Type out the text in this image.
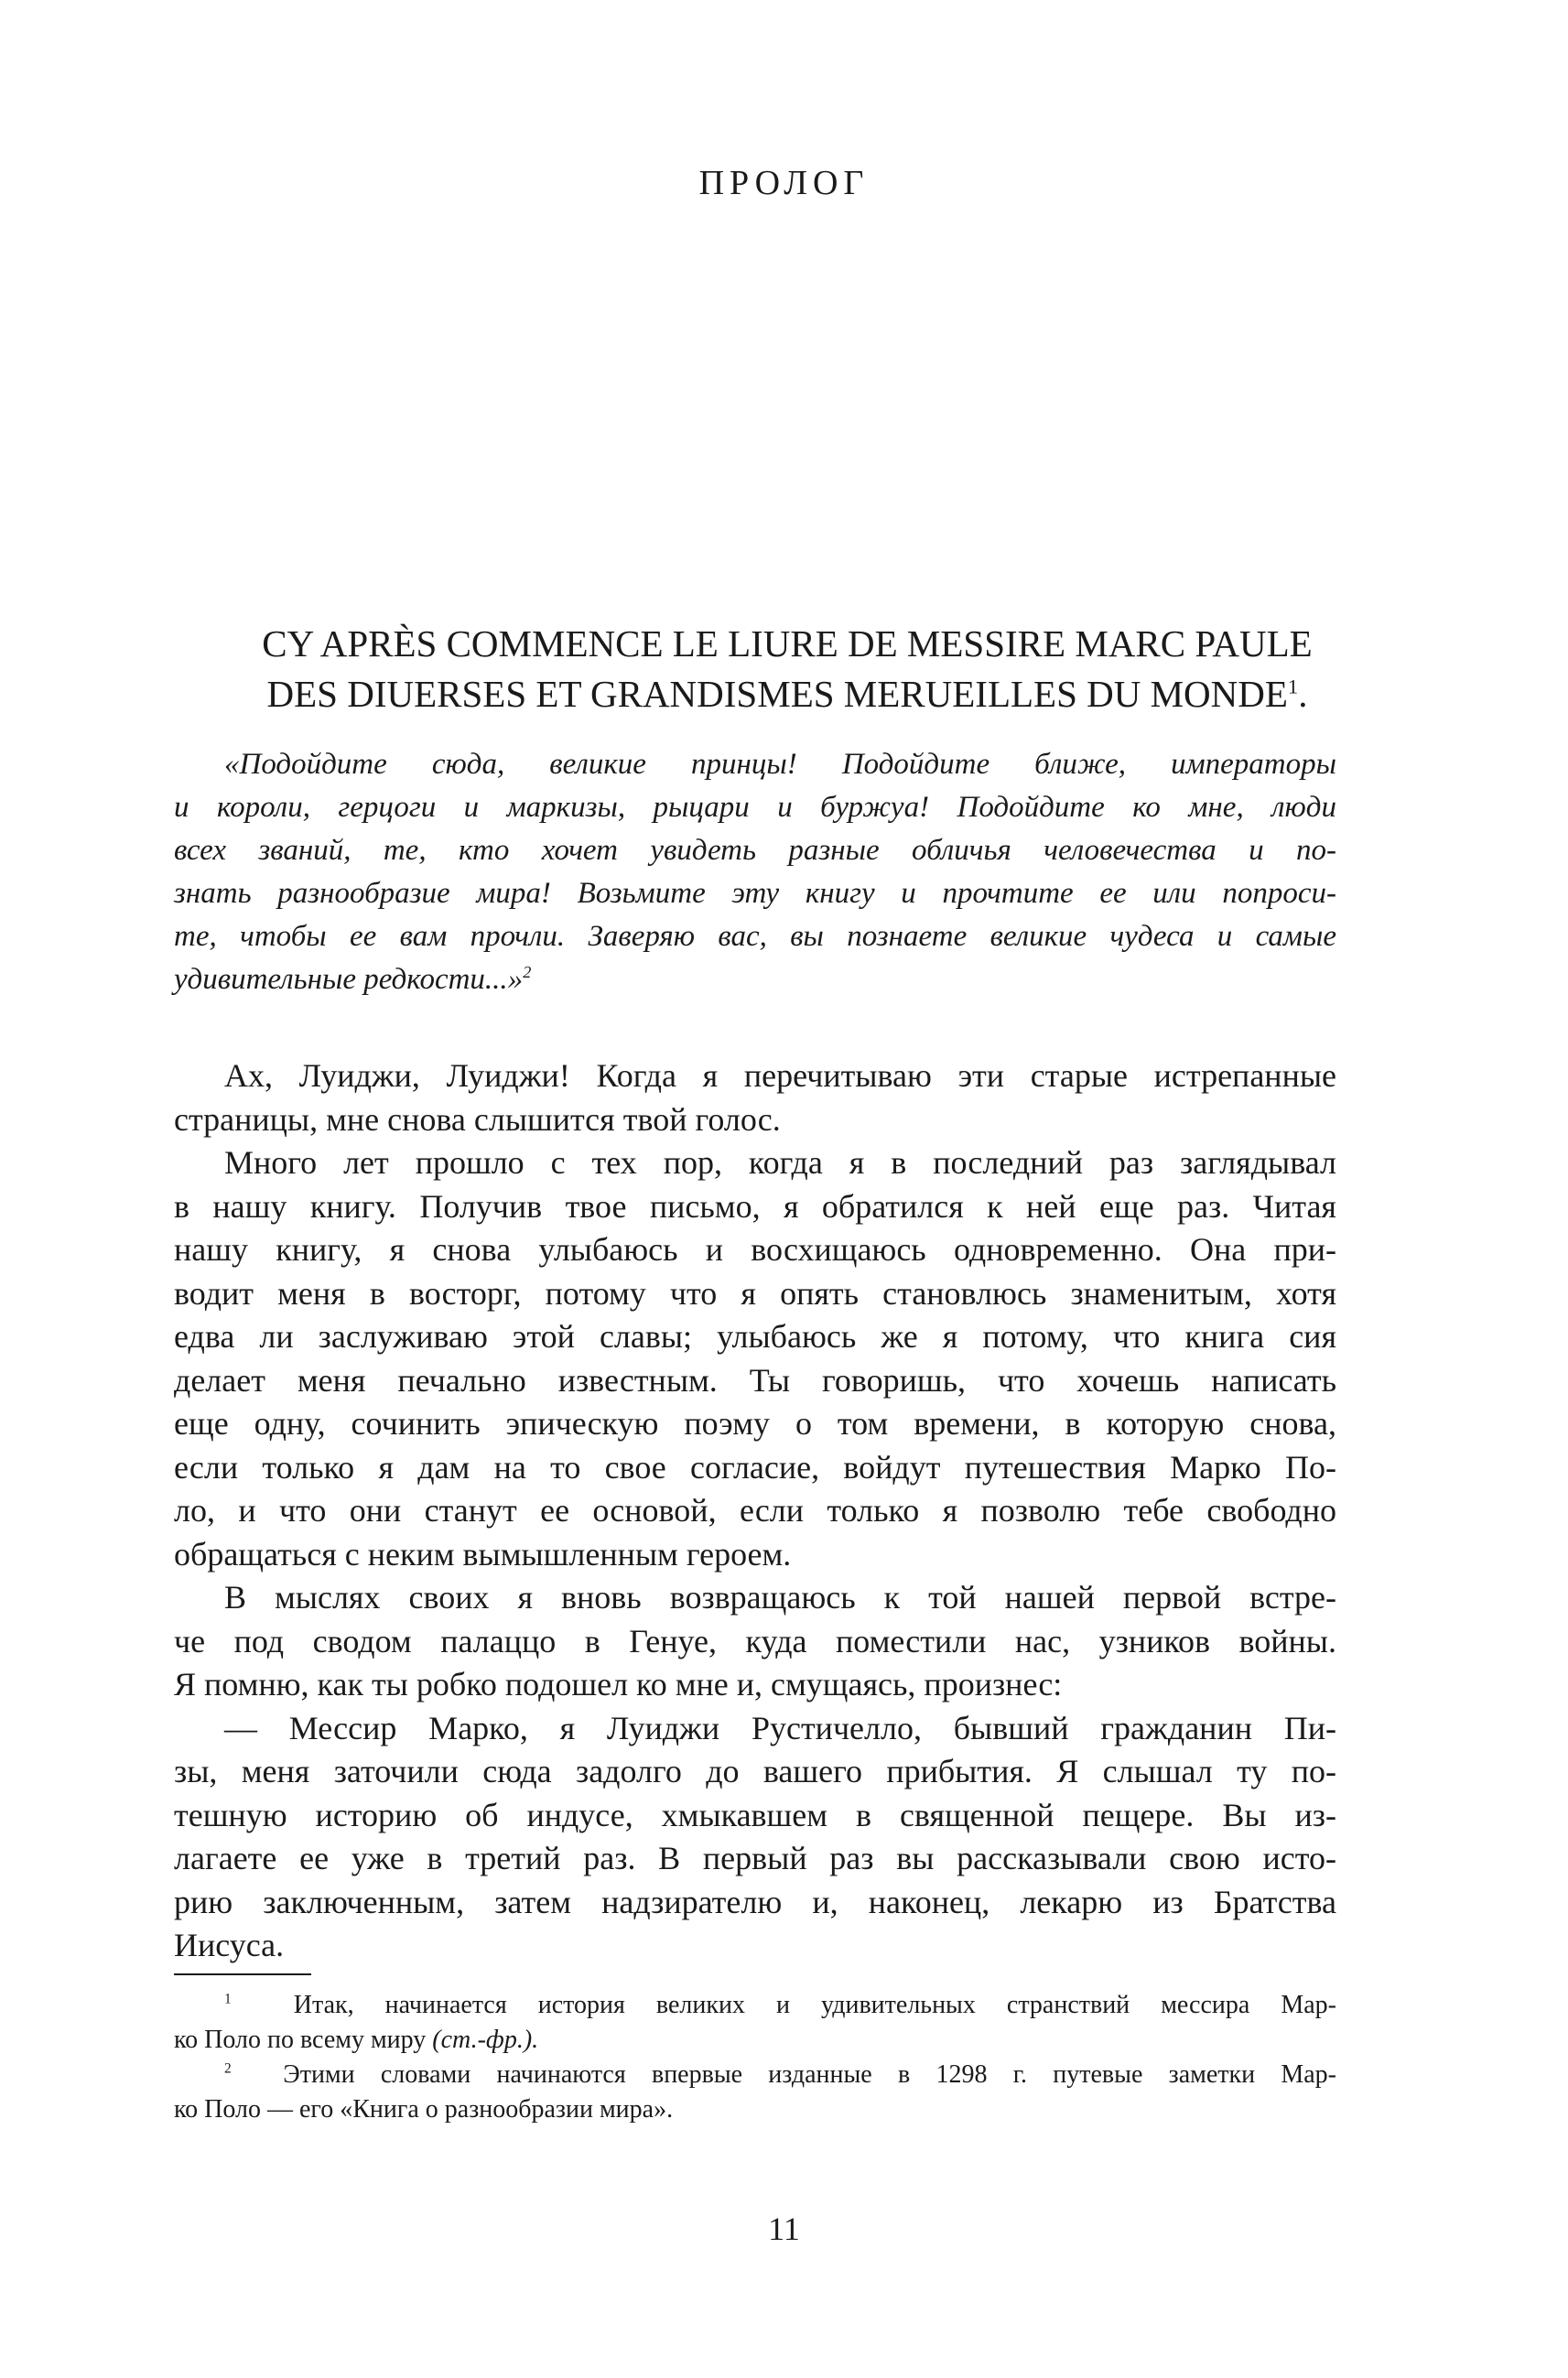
ПРОЛОГ
CY APRÈS COMMENCE LE LIURE DE MESSIRE MARC PAULE
DES DIUERSES ET GRANDISMES MERUEILLES DU MONDE$^1$.
«Подойдите сюда, великие принцы! Подойдите ближе, императоры
и короли, герцоги и маркизы, рыцари и буржуа! Подойдите ко мне, люди
всех званий, те, кто хочет увидеть разные обличья человечества и по-
знать разнообразие мира! Возьмите эту книгу и прочтите ее или попроси-
те, чтобы ее вам прочли. Заверяю вас, вы познаете великие чудеса и самые
удивительные редкости...»$^2$
Ах, Луиджи, Луиджи! Когда я перечитываю эти старые истрепанные
страницы, мне снова слышится твой голос.
Много лет прошло с тех пор, когда я в последний раз заглядывал
в нашу книгу. Получив твое письмо, я обратился к ней еще раз. Читая
нашу книгу, я снова улыбаюсь и восхищаюсь одновременно. Она при-
водит меня в восторг, потому что я опять становлюсь знаменитым, хотя
едва ли заслуживаю этой славы; улыбаюсь же я потому, что книга сия
делает меня печально известным. Ты говоришь, что хочешь написать
еще одну, сочинить эпическую поэму о том времени, в которую снова,
если только я дам на то свое согласие, войдут путешествия Марко По-
ло, и что они станут ее основой, если только я позволю тебе свободно
обращаться с неким вымышленным героем.
В мыслях своих я вновь возвращаюсь к той нашей первой встре-
че под сводом палаццо в Генуе, куда поместили нас, узников войны.
Я помню, как ты робко подошел ко мне и, смущаясь, произнес:
— Мессир Марко, я Луиджи Рустичелло, бывший гражданин Пи-
зы, меня заточили сюда задолго до вашего прибытия. Я слышал ту по-
тешную историю об индусе, хмыкавшем в священной пещере. Вы из-
лагаете ее уже в третий раз. В первый раз вы рассказывали свою исто-
рию заключенным, затем надзирателю и, наконец, лекарю из Братства
Иисуса.
$^1$ Итак, начинается история великих и удивительных странствий мессира Мар-
ко Поло по всему миру (ст.-фр.).
$^2$ Этими словами начинаются впервые изданные в 1298 г. путевые заметки Мар-
ко Поло — его «Книга о разнообразии мира».
11
